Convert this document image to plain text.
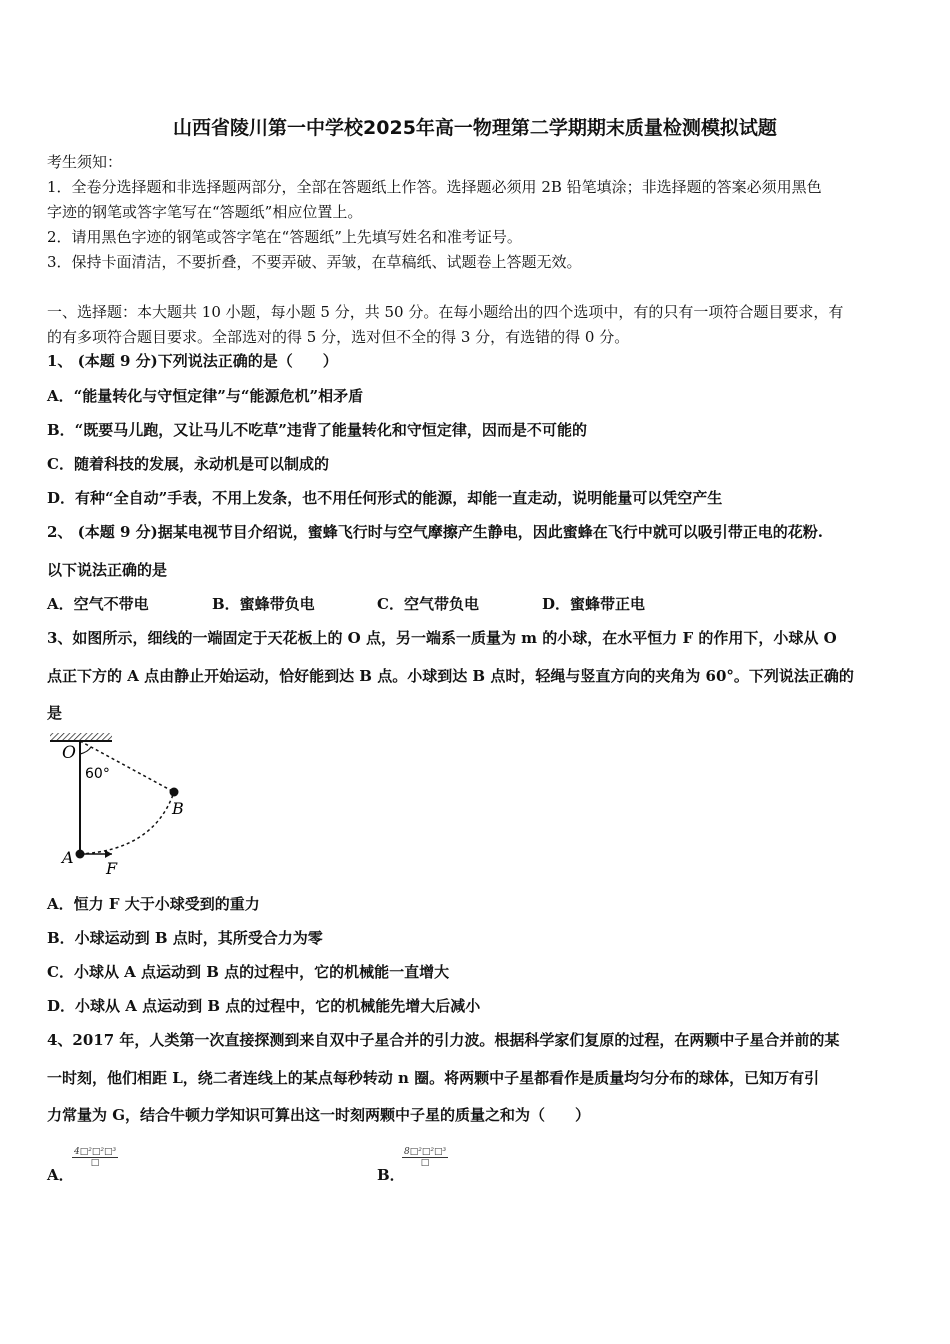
山西省陵川第一中学校2025年高一物理第二学期期末质量检测模拟试题
考生须知：
1．全卷分选择题和非选择题两部分，全部在答题纸上作答。选择题必须用 2B 铅笔填涂；非选择题的答案必须用黑色
字迹的钢笔或答字笔写在“答题纸”相应位置上。
2．请用黑色字迹的钢笔或答字笔在“答题纸”上先填写姓名和准考证号。
3．保持卡面清洁，不要折叠，不要弄破、弄皱，在草稿纸、试题卷上答题无效。
一、选择题：本大题共 10 小题，每小题 5 分，共 50 分。在每小题给出的四个选项中，有的只有一项符合题目要求，有
的有多项符合题目要求。全部选对的得 5 分，选对但不全的得 3 分，有选错的得 0 分。
1、 (本题 9 分)下列说法正确的是（　　）
A．“能量转化与守恒定律”与“能源危机”相矛盾
B．“既要马儿跑，又让马儿不吃草”违背了能量转化和守恒定律，因而是不可能的
C．随着科技的发展，永动机是可以制成的
D．有种“全自动”手表，不用上发条，也不用任何形式的能源，却能一直走动，说明能量可以凭空产生
2、 (本题 9 分)据某电视节目介绍说，蜜蜂飞行时与空气摩擦产生静电，因此蜜蜂在飞行中就可以吸引带正电的花粉.
以下说法正确的是
A．空气不带电	B．蜜蜂带负电	C．空气带负电	D．蜜蜂带正电
3、如图所示，细线的一端固定于天花板上的 O 点，另一端系一质量为 m 的小球，在水平恒力 F 的作用下，小球从 O
点正下方的 A 点由静止开始运动，恰好能到达 B 点。小球到达 B 点时，轻绳与竖直方向的夹角为 60°。下列说法正确的
是
O
60°
B
A
F
A．恒力 F 大于小球受到的重力
B．小球运动到 B 点时，其所受合力为零
C．小球从 A 点运动到 B 点的过程中，它的机械能一直增大
D．小球从 A 点运动到 B 点的过程中，它的机械能先增大后减小
4、2017 年，人类第一次直接探测到来自双中子星合并的引力波。根据科学家们复原的过程，在两颗中子星合并前的某
一时刻，他们相距 L，绕二者连线上的某点每秒转动 n 圈。将两颗中子星都看作是质量均匀分布的球体，已知万有引
力常量为 G，结合牛顿力学知识可算出这一时刻两颗中子星的质量之和为（　　）
A．
4□²□²□³
□
B．
8□²□²□³
□
